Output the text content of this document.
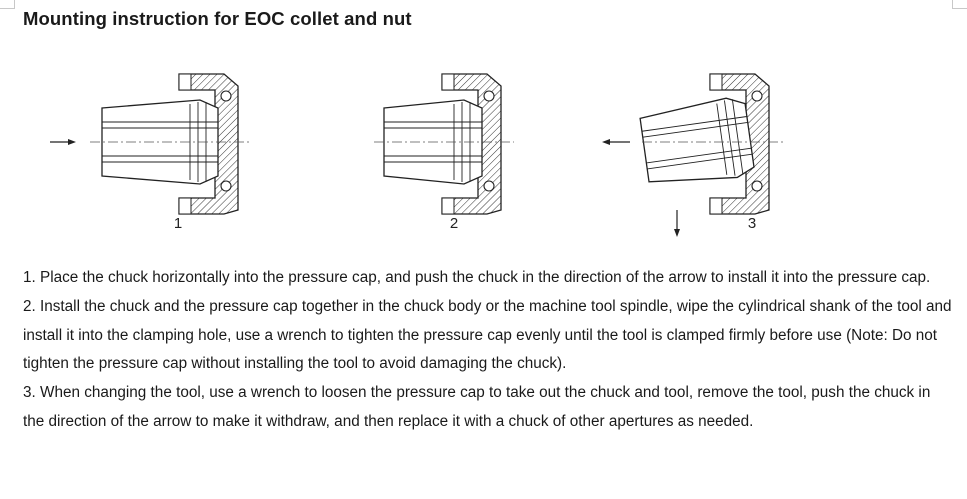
Mounting instruction for EOC collet and nut
1	2	3

1. Place the chuck horizontally into the pressure cap, and push the chuck in the direction of the arrow to install it into the pressure cap.

2. Install the chuck and the pressure cap together in the chuck body or the machine tool spindle, wipe the cylindrical shank of the tool and install it into the clamping hole, use a wrench to tighten the pressure cap evenly until the tool is clamped firmly before use (Note: Do not tighten the pressure cap without installing the tool to avoid damaging the chuck).

3. When changing the tool, use a wrench to loosen the pressure cap to take out the chuck and tool, remove the tool, push the chuck in the direction of the arrow to make it withdraw, and then replace it with a chuck of other apertures as needed.
